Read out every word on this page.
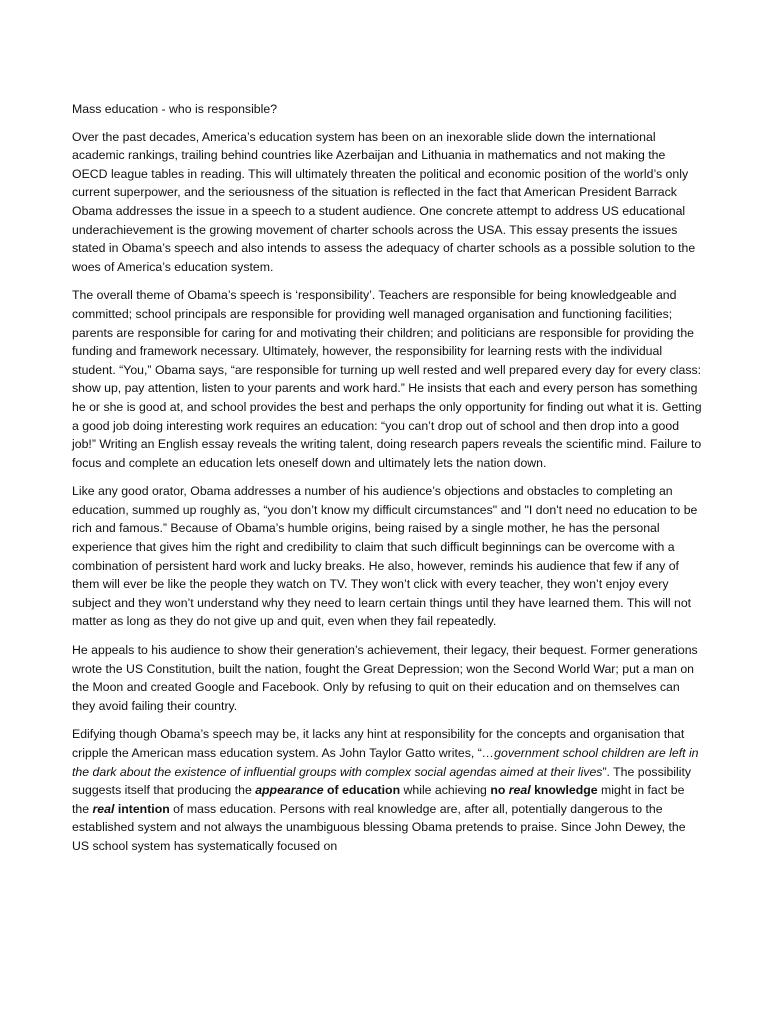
Mass education - who is responsible?

Over the past decades, America’s education system has been on an inexorable slide down the international academic rankings, trailing behind countries like Azerbaijan and Lithuania in mathematics and not making the OECD league tables in reading. This will ultimately threaten the political and economic position of the world’s only current superpower, and the seriousness of the situation is reflected in the fact that American President Barrack Obama addresses the issue in a speech to a student audience. One concrete attempt to address US educational underachievement is the growing movement of charter schools across the USA. This essay presents the issues stated in Obama’s speech and also intends to assess the adequacy of charter schools as a possible solution to the woes of America’s education system.

The overall theme of Obama’s speech is ‘responsibility’. Teachers are responsible for being knowledgeable and committed; school principals are responsible for providing well managed organisation and functioning facilities; parents are responsible for caring for and motivating their children; and politicians are responsible for providing the funding and framework necessary. Ultimately, however, the responsibility for learning rests with the individual student. “You,” Obama says, “are responsible for turning up well rested and well prepared every day for every class: show up, pay attention, listen to your parents and work hard.” He insists that each and every person has something he or she is good at, and school provides the best and perhaps the only opportunity for finding out what it is. Getting a good job doing interesting work requires an education: “you can’t drop out of school and then drop into a good job!” Writing an English essay reveals the writing talent, doing research papers reveals the scientific mind. Failure to focus and complete an education lets oneself down and ultimately lets the nation down.

Like any good orator, Obama addresses a number of his audience’s objections and obstacles to completing an education, summed up roughly as, “you don’t know my difficult circumstances" and "I don't need no education to be rich and famous.” Because of Obama’s humble origins, being raised by a single mother, he has the personal experience that gives him the right and credibility to claim that such difficult beginnings can be overcome with a combination of persistent hard work and lucky breaks. He also, however, reminds his audience that few if any of them will ever be like the people they watch on TV. They won’t click with every teacher, they won’t enjoy every subject and they won’t understand why they need to learn certain things until they have learned them. This will not matter as long as they do not give up and quit, even when they fail repeatedly.

He appeals to his audience to show their generation’s achievement, their legacy, their bequest. Former generations wrote the US Constitution, built the nation, fought the Great Depression; won the Second World War; put a man on the Moon and created Google and Facebook. Only by refusing to quit on their education and on themselves can they avoid failing their country.

Edifying though Obama’s speech may be, it lacks any hint at responsibility for the concepts and organisation that cripple the American mass education system. As John Taylor Gatto writes, “…government school children are left in the dark about the existence of influential groups with complex social agendas aimed at their lives”. The possibility suggests itself that producing the appearance of education while achieving no real knowledge might in fact be the real intention of mass education. Persons with real knowledge are, after all, potentially dangerous to the established system and not always the unambiguous blessing Obama pretends to praise. Since John Dewey, the US school system has systematically focused on
